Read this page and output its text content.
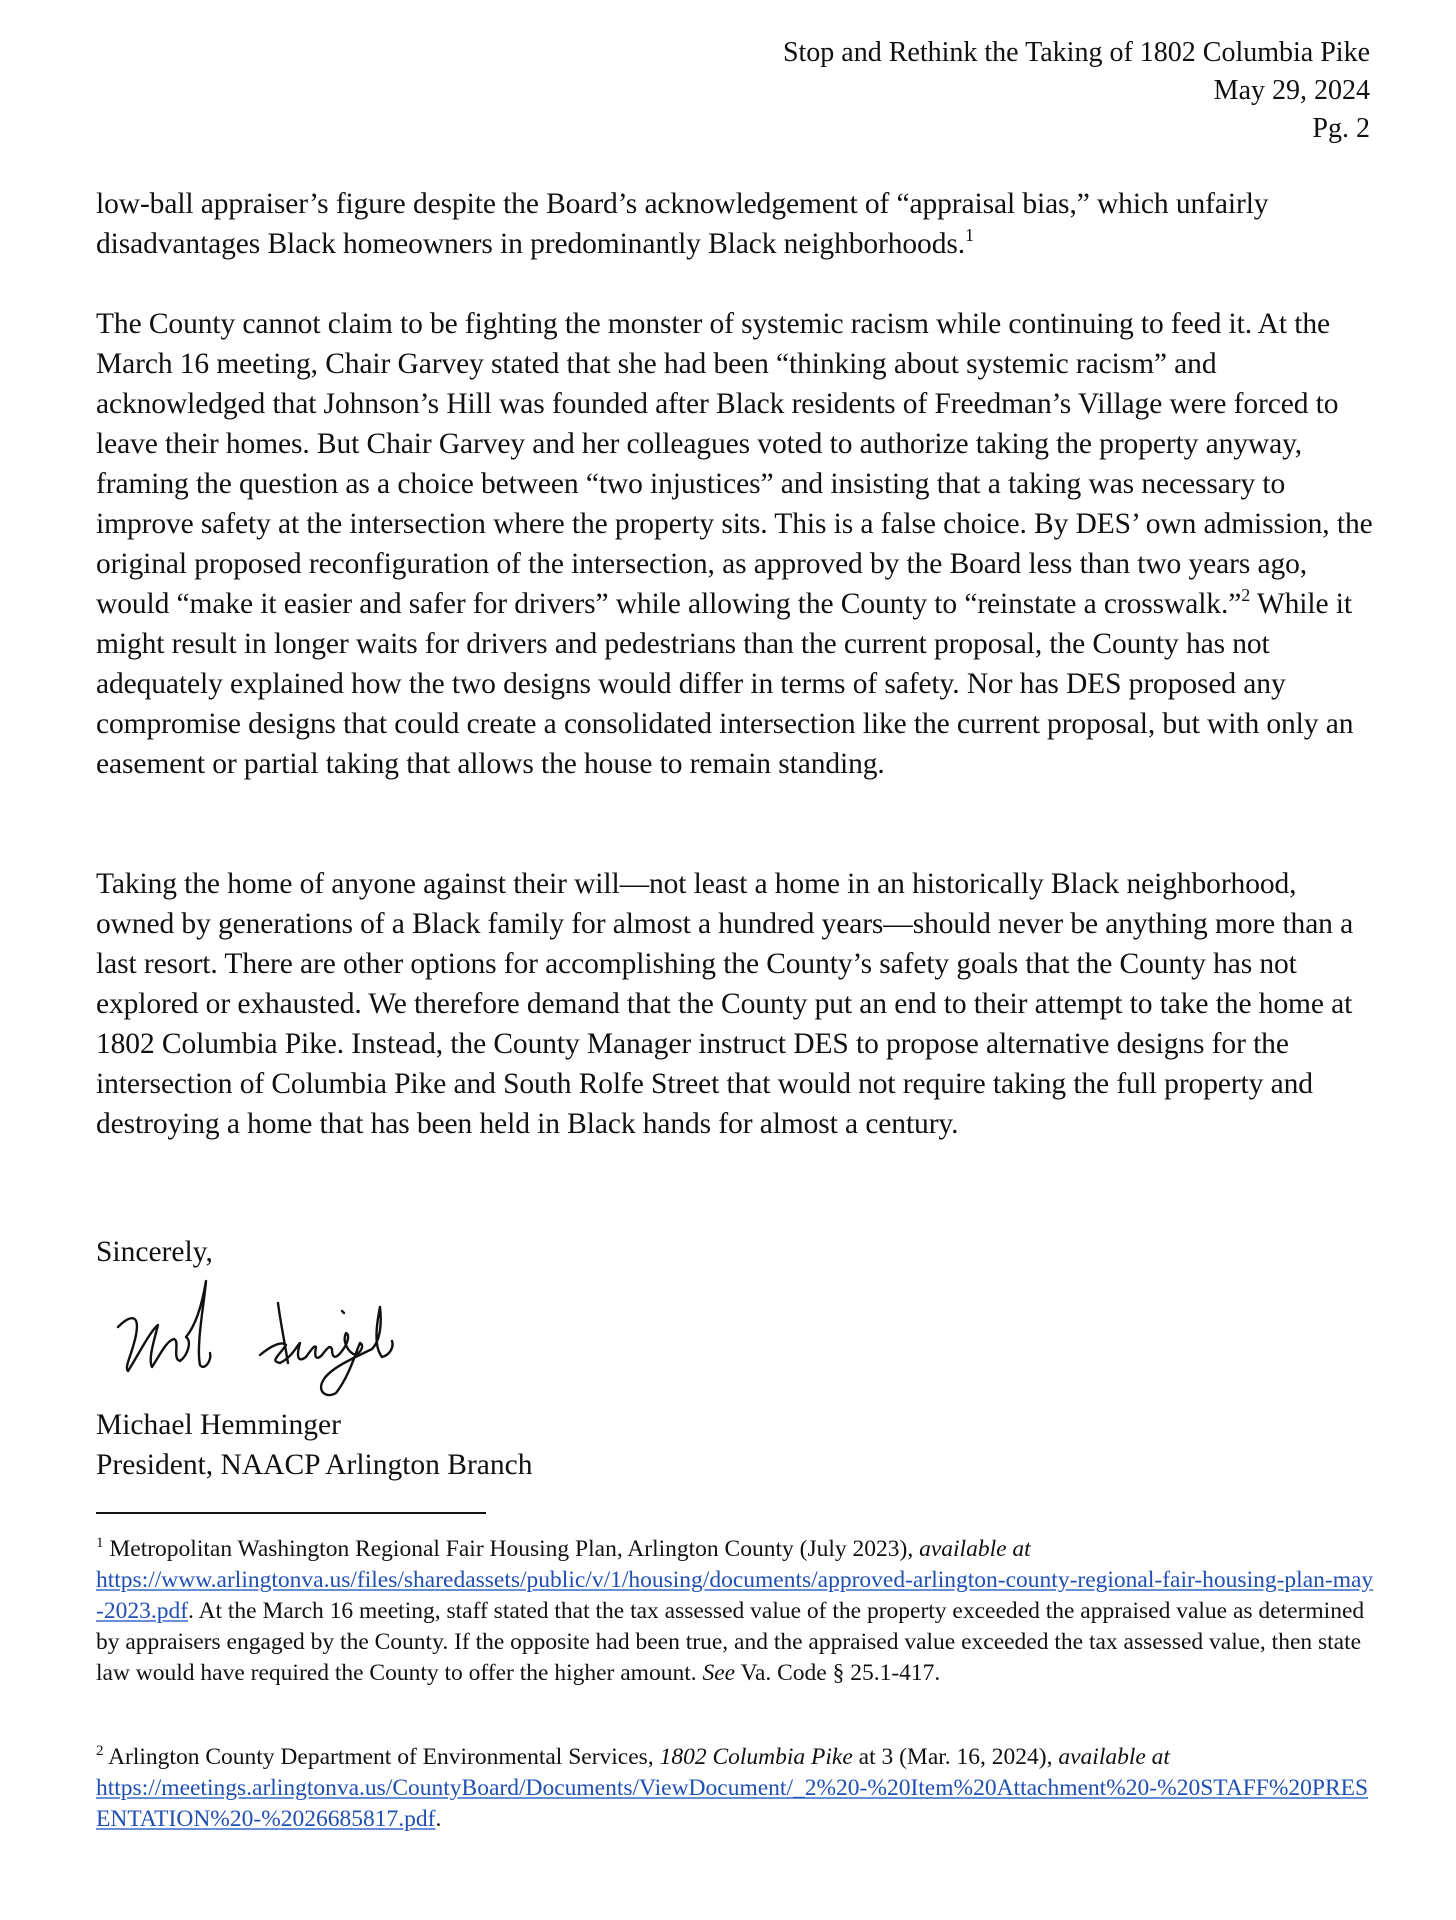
Stop and Rethink the Taking of 1802 Columbia Pike
May 29, 2024
Pg. 2

low-ball appraiser’s figure despite the Board’s acknowledgement of “appraisal bias,” which unfairly disadvantages Black homeowners in predominantly Black neighborhoods.$^1$

The County cannot claim to be fighting the monster of systemic racism while continuing to feed it. At the March 16 meeting, Chair Garvey stated that she had been “thinking about systemic racism” and acknowledged that Johnson’s Hill was founded after Black residents of Freedman’s Village were forced to leave their homes. But Chair Garvey and her colleagues voted to authorize taking the property anyway, framing the question as a choice between “two injustices” and insisting that a taking was necessary to improve safety at the intersection where the property sits. This is a false choice. By DES’ own admission, the original proposed reconfiguration of the intersection, as approved by the Board less than two years ago, would “make it easier and safer for drivers” while allowing the County to “reinstate a crosswalk.”$^2$ While it might result in longer waits for drivers and pedestrians than the current proposal, the County has not adequately explained how the two designs would differ in terms of safety. Nor has DES proposed any compromise designs that could create a consolidated intersection like the current proposal, but with only an easement or partial taking that allows the house to remain standing.

Taking the home of anyone against their will—not least a home in an historically Black neighborhood, owned by generations of a Black family for almost a hundred years—should never be anything more than a last resort. There are other options for accomplishing the County’s safety goals that the County has not explored or exhausted. We therefore demand that the County put an end to their attempt to take the home at 1802 Columbia Pike. Instead, the County Manager instruct DES to propose alternative designs for the intersection of Columbia Pike and South Rolfe Street that would not require taking the full property and destroying a home that has been held in Black hands for almost a century.

Sincerely,
Michael Hemminger
President, NAACP Arlington Branch
$^1$ Metropolitan Washington Regional Fair Housing Plan, Arlington County (July 2023), available at
https://www.arlingtonva.us/files/sharedassets/public/v/1/housing/documents/approved-arlington-county-regional-fair-housing-plan-may-2023.pdf. At the March 16 meeting, staff stated that the tax assessed value of the property exceeded the appraised value as determined by appraisers engaged by the County. If the opposite had been true, and the appraised value exceeded the tax assessed value, then state law would have required the County to offer the higher amount. See Va. Code § 25.1-417.
$^2$ Arlington County Department of Environmental Services, 1802 Columbia Pike at 3 (Mar. 16, 2024), available at
https://meetings.arlingtonva.us/CountyBoard/Documents/ViewDocument/_2%20-%20Item%20Attachment%20-%20STAFF%20PRESENTATION%20-%2026685817.pdf.
